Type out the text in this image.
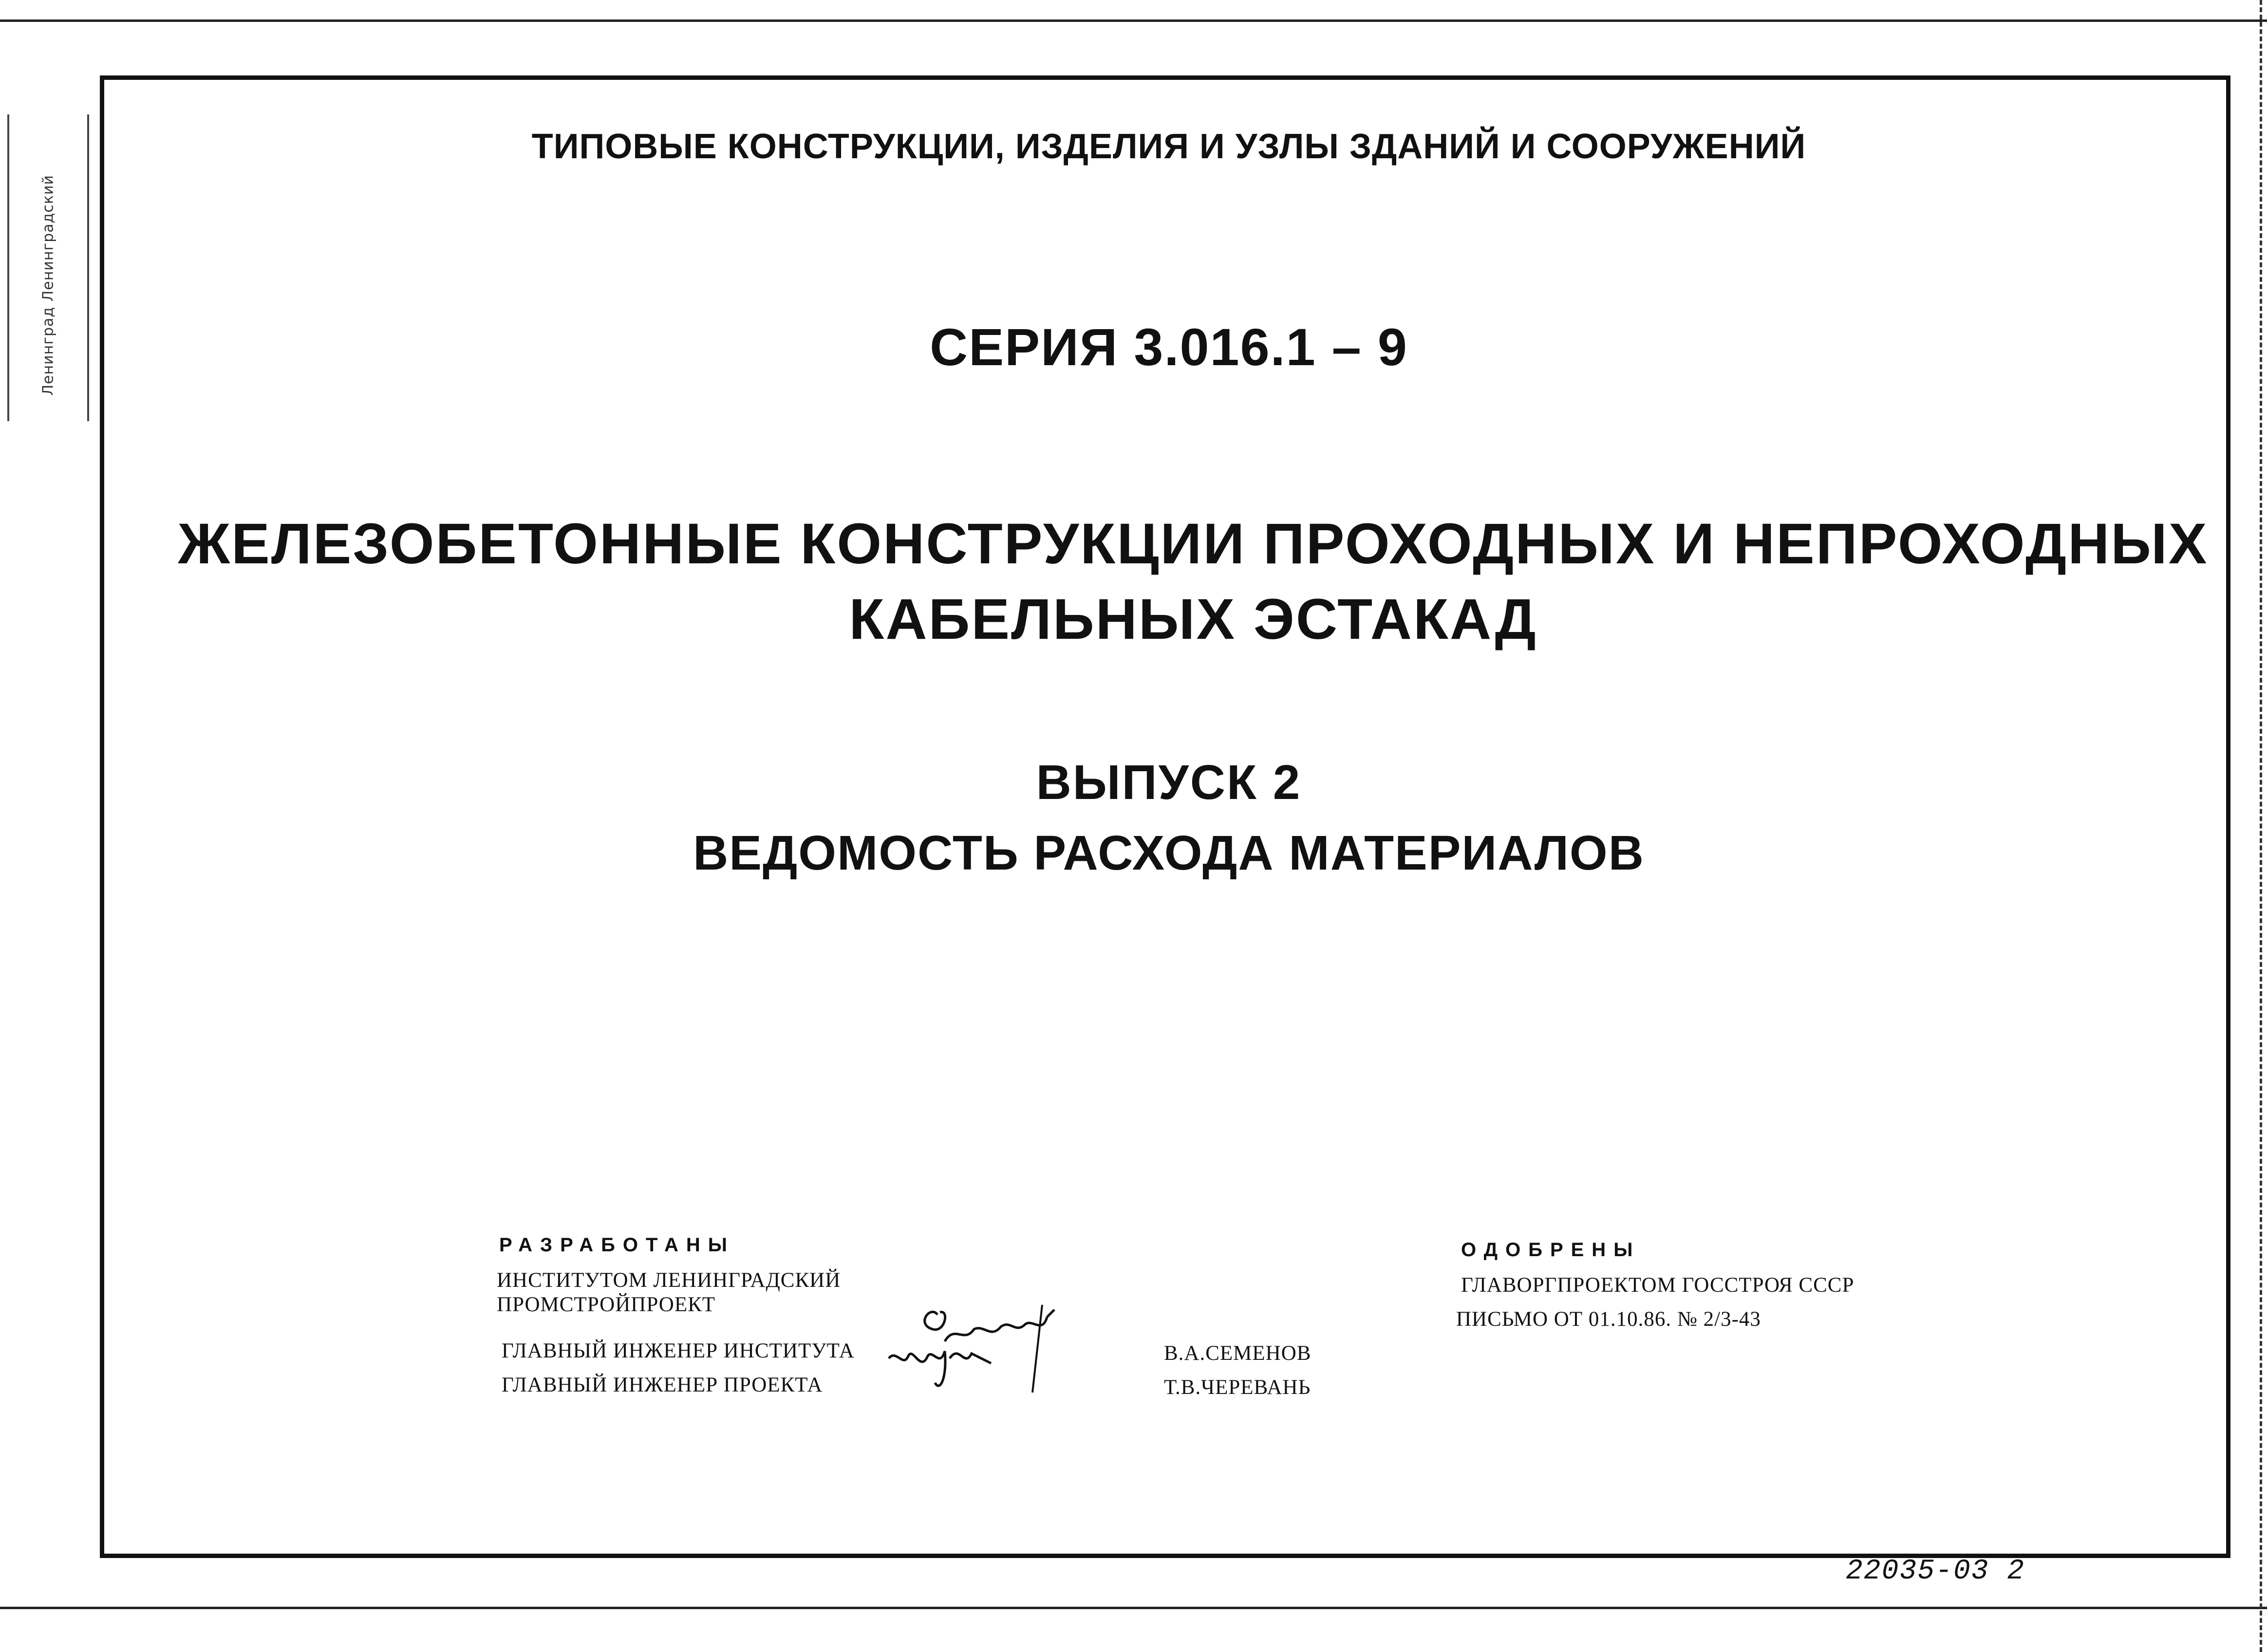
Ленинград Ленинградский
ТИПОВЫЕ КОНСТРУКЦИИ, ИЗДЕЛИЯ И УЗЛЫ ЗДАНИЙ И СООРУЖЕНИЙ
СЕРИЯ 3.016.1 – 9
ЖЕЛЕЗОБЕТОННЫЕ КОНСТРУКЦИИ ПРОХОДНЫХ И НЕПРОХОДНЫХ
КАБЕЛЬНЫХ ЭСТАКАД
ВЫПУСК 2
ВЕДОМОСТЬ РАСХОДА МАТЕРИАЛОВ
РАЗРАБОТАНЫ
ИНСТИТУТОМ ЛЕНИНГРАДСКИЙ
ПРОМСТРОЙПРОЕКТ
ГЛАВНЫЙ ИНЖЕНЕР ИНСТИТУТА
ГЛАВНЫЙ ИНЖЕНЕР ПРОЕКТА
В.А.СЕМЕНОВ
Т.В.ЧЕРЕВАНЬ
ОДОБРЕНЫ
ГЛАВОРГПРОЕКТОМ ГОССТРОЯ СССР
ПИСЬМО ОТ 01.10.86. № 2/3-43
22035-03 2
